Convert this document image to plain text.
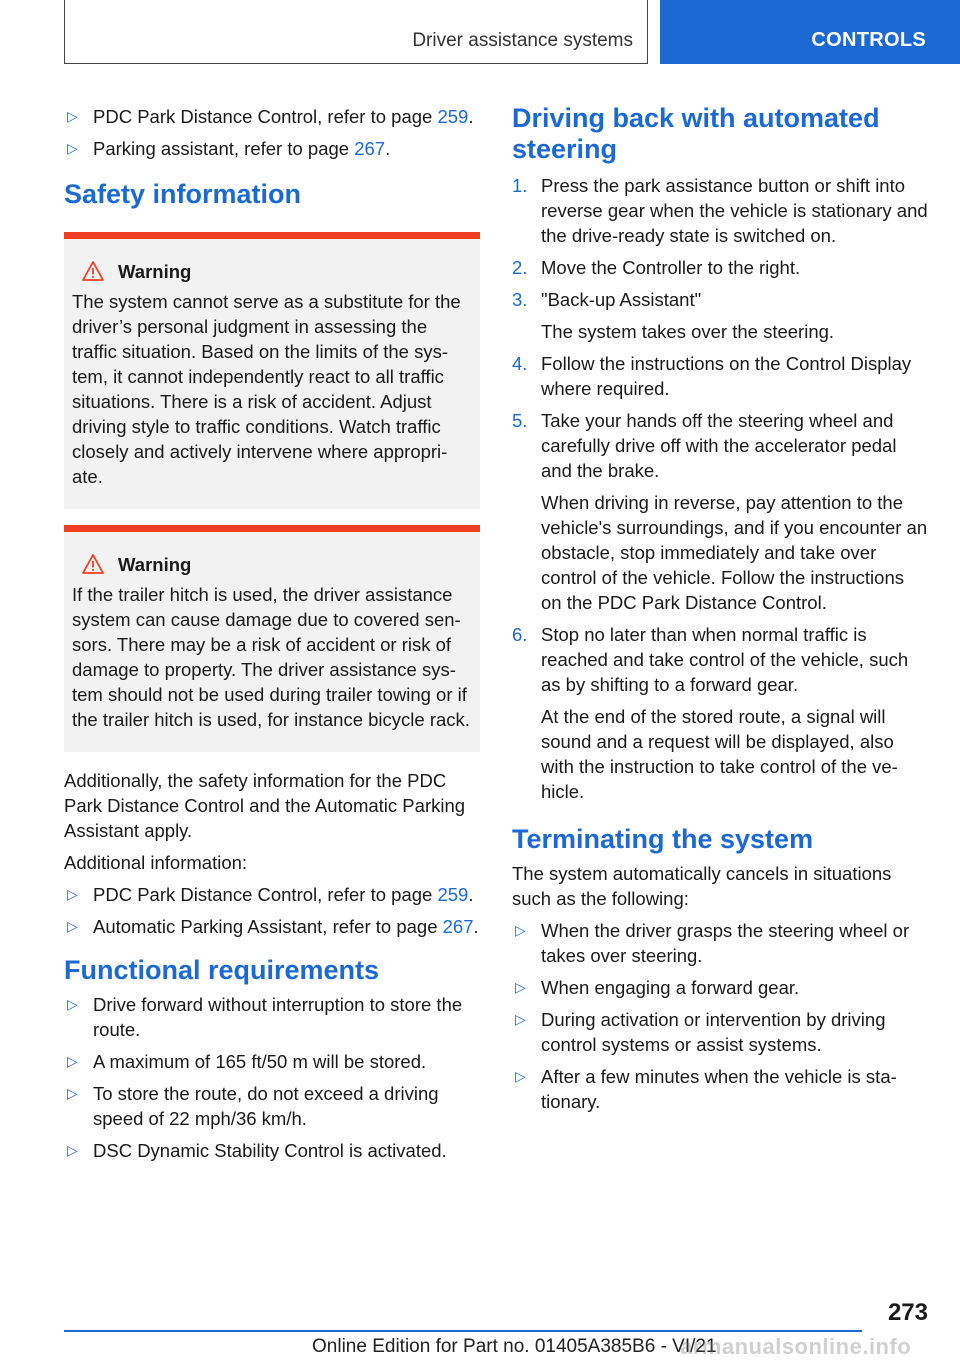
Driver assistance systems	CONTROLS
▷ PDC Park Distance Control, refer to page 259.
▷ Parking assistant, refer to page 267.
Safety information
Warning
The system cannot serve as a substitute for the driver’s personal judgment in assessing the traffic situation. Based on the limits of the sys- tem, it cannot independently react to all traffic situations. There is a risk of accident. Adjust driving style to traffic conditions. Watch traffic closely and actively intervene where appropri- ate.
Warning
If the trailer hitch is used, the driver assistance system can cause damage due to covered sen- sors. There may be a risk of accident or risk of damage to property. The driver assistance sys- tem should not be used during trailer towing or if the trailer hitch is used, for instance bicycle rack.

Additionally, the safety information for the PDC Park Distance Control and the Automatic Parking Assistant apply.

Additional information:

▷ PDC Park Distance Control, refer to page 259.
▷ Automatic Parking Assistant, refer to page 267.
Functional requirements
▷ Drive forward without interruption to store the route.
▷ A maximum of 165 ft/50 m will be stored.
▷ To store the route, do not exceed a driving speed of 22 mph/36 km/h.
▷ DSC Dynamic Stability Control is activated.
Driving back with automated steering
1. Press the park assistance button or shift into reverse gear when the vehicle is stationary and the drive-ready state is switched on.
2. Move the Controller to the right.
3. "Back-up Assistant"
The system takes over the steering.
4. Follow the instructions on the Control Display where required.
5. Take your hands off the steering wheel and carefully drive off with the accelerator pedal and the brake.
When driving in reverse, pay attention to the vehicle's surroundings, and if you encounter an obstacle, stop immediately and take over control of the vehicle. Follow the instructions on the PDC Park Distance Control.
6. Stop no later than when normal traffic is reached and take control of the vehicle, such as by shifting to a forward gear.
At the end of the stored route, a signal will sound and a request will be displayed, also with the instruction to take control of the ve- hicle.
Terminating the system

The system automatically cancels in situations such as the following:

▷ When the driver grasps the steering wheel or takes over steering.
▷ When engaging a forward gear.
▷ During activation or intervention by driving control systems or assist systems.
▷ After a few minutes when the vehicle is sta- tionary.
273
Online Edition for Part no. 01405A385B6 - VI/21
armanualsonline.info
